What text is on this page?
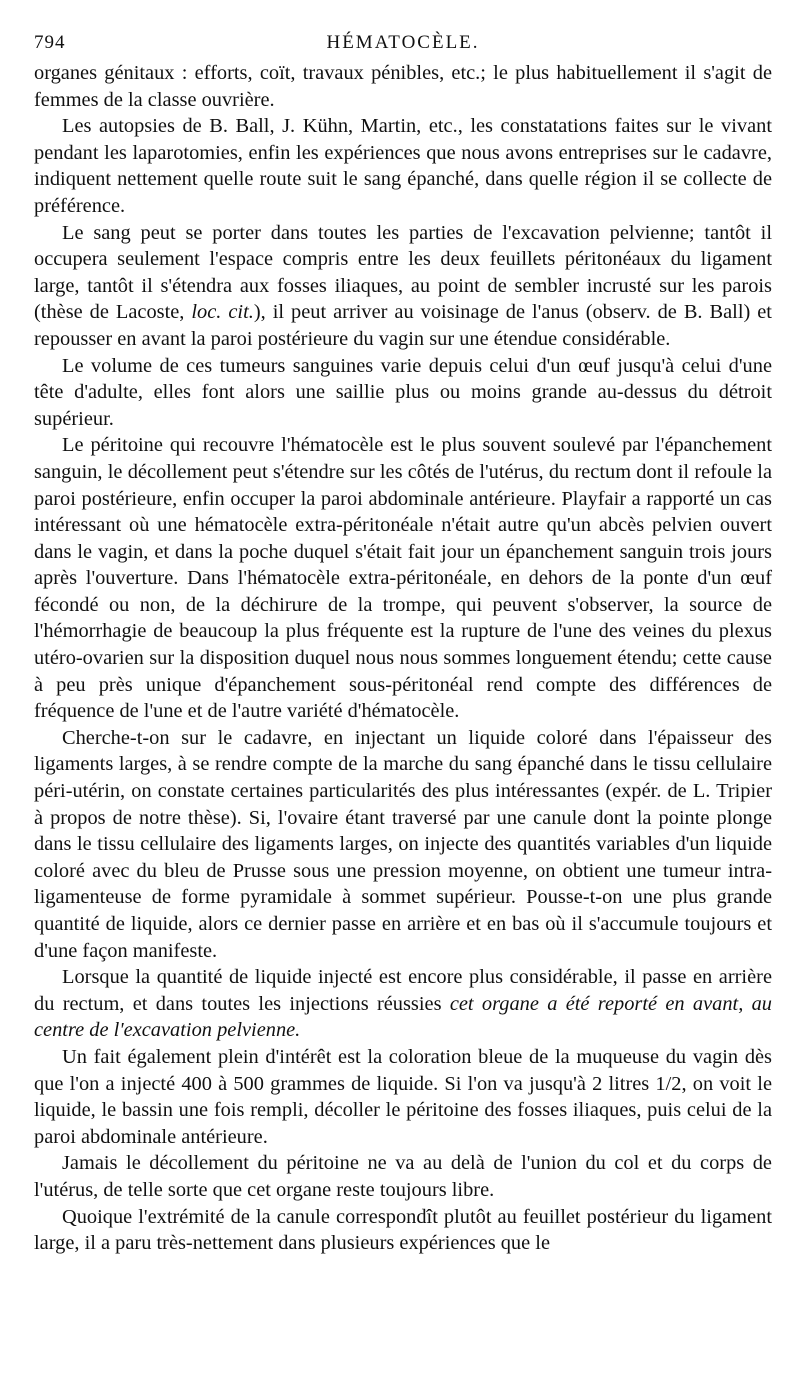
794	HÉMATOCÈLE.

organes génitaux : efforts, coït, travaux pénibles, etc.; le plus habituellement il s'agit de femmes de la classe ouvrière.

Les autopsies de B. Ball, J. Kühn, Martin, etc., les constatations faites sur le vivant pendant les laparotomies, enfin les expériences que nous avons entreprises sur le cadavre, indiquent nettement quelle route suit le sang épanché, dans quelle région il se collecte de préférence.

Le sang peut se porter dans toutes les parties de l'excavation pelvienne; tantôt il occupera seulement l'espace compris entre les deux feuillets péritonéaux du ligament large, tantôt il s'étendra aux fosses iliaques, au point de sembler incrusté sur les parois (thèse de Lacoste, loc. cit.), il peut arriver au voisinage de l'anus (observ. de B. Ball) et repousser en avant la paroi postérieure du vagin sur une étendue considérable.

Le volume de ces tumeurs sanguines varie depuis celui d'un œuf jusqu'à celui d'une tête d'adulte, elles font alors une saillie plus ou moins grande au-dessus du détroit supérieur.

Le péritoine qui recouvre l'hématocèle est le plus souvent soulevé par l'épanchement sanguin, le décollement peut s'étendre sur les côtés de l'utérus, du rectum dont il refoule la paroi postérieure, enfin occuper la paroi abdominale antérieure. Playfair a rapporté un cas intéressant où une hématocèle extra-péritonéale n'était autre qu'un abcès pelvien ouvert dans le vagin, et dans la poche duquel s'était fait jour un épanchement sanguin trois jours après l'ouverture. Dans l'hématocèle extra-péritonéale, en dehors de la ponte d'un œuf fécondé ou non, de la déchirure de la trompe, qui peuvent s'observer, la source de l'hémorrhagie de beaucoup la plus fréquente est la rupture de l'une des veines du plexus utéro-ovarien sur la disposition duquel nous nous sommes longuement étendu; cette cause à peu près unique d'épanchement sous-péritonéal rend compte des différences de fréquence de l'une et de l'autre variété d'hématocèle.

Cherche-t-on sur le cadavre, en injectant un liquide coloré dans l'épaisseur des ligaments larges, à se rendre compte de la marche du sang épanché dans le tissu cellulaire péri-utérin, on constate certaines particularités des plus intéressantes (expér. de L. Tripier à propos de notre thèse). Si, l'ovaire étant traversé par une canule dont la pointe plonge dans le tissu cellulaire des ligaments larges, on injecte des quantités variables d'un liquide coloré avec du bleu de Prusse sous une pression moyenne, on obtient une tumeur intra-ligamenteuse de forme pyramidale à sommet supérieur. Pousse-t-on une plus grande quantité de liquide, alors ce dernier passe en arrière et en bas où il s'accumule toujours et d'une façon manifeste.

Lorsque la quantité de liquide injecté est encore plus considérable, il passe en arrière du rectum, et dans toutes les injections réussies cet organe a été reporté en avant, au centre de l'excavation pelvienne.

Un fait également plein d'intérêt est la coloration bleue de la muqueuse du vagin dès que l'on a injecté 400 à 500 grammes de liquide. Si l'on va jusqu'à 2 litres 1/2, on voit le liquide, le bassin une fois rempli, décoller le péritoine des fosses iliaques, puis celui de la paroi abdominale antérieure.

Jamais le décollement du péritoine ne va au delà de l'union du col et du corps de l'utérus, de telle sorte que cet organe reste toujours libre.

Quoique l'extrémité de la canule correspondît plutôt au feuillet postérieur du ligament large, il a paru très-nettement dans plusieurs expériences que le
